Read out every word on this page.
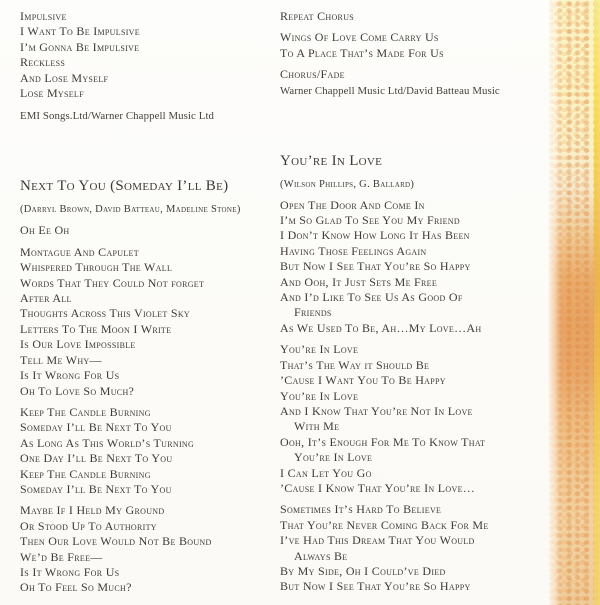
Impulsive
I Want To Be Impulsive
I’m Gonna Be Impulsive
Reckless
And Lose Myself
Lose Myself
EMI Songs.Ltd/Warner Chappell Music Ltd
Next To You (Someday I’ll Be)
(Darryl Brown, David Batteau, Madeline Stone)
Oh Ee Oh
Montague And Capulet
Whispered Through The Wall
Words That They Could Not forget
After All
Thoughts Across This Violet Sky
Letters To The Moon I Write
Is Our Love Impossible
Tell Me Why—
Is It Wrong For Us
Oh To Love So Much?
Keep The Candle Burning
Someday I’ll Be Next To You
As Long As This World’s Turning
One Day I’ll Be Next To You
Keep The Candle Burning
Someday I’ll Be Next To You
Maybe If I Held My Ground
Or Stood Up To Authority
Then Our Love Would Not Be Bound
We’d Be Free—
Is It Wrong For Us
Oh To Feel So Much?
Repeat Chorus
Wings Of Love Come Carry Us
To A Place That’s Made For Us
Chorus/Fade
Warner Chappell Music Ltd/David Batteau Music
You’re In Love
(Wilson Phillips, G. Ballard)
Open The Door And Come In
I’m So Glad To See You My Friend
I Don’t Know How Long It Has Been
Having Those Feelings Again
But Now I See That You’re So Happy
And Ooh, It Just Sets Me Free
And I’d Like To See Us As Good Of
Friends
As We Used To Be, Ah…My Love…Ah
You’re In Love
That’s The Way it Should Be
’Cause I Want You To Be Happy
You’re In Love
And I Know That You’re Not In Love
With Me
Ooh, It’s Enough For Me To Know That
You’re In Love
I Can Let You Go
’Cause I Know That You’re In Love…
Sometimes It’s Hard To Believe
That You’re Never Coming Back For Me
I’ve Had This Dream That You Would
Always Be
By My Side, Oh I Could’ve Died
But Now I See That You’re So Happy
